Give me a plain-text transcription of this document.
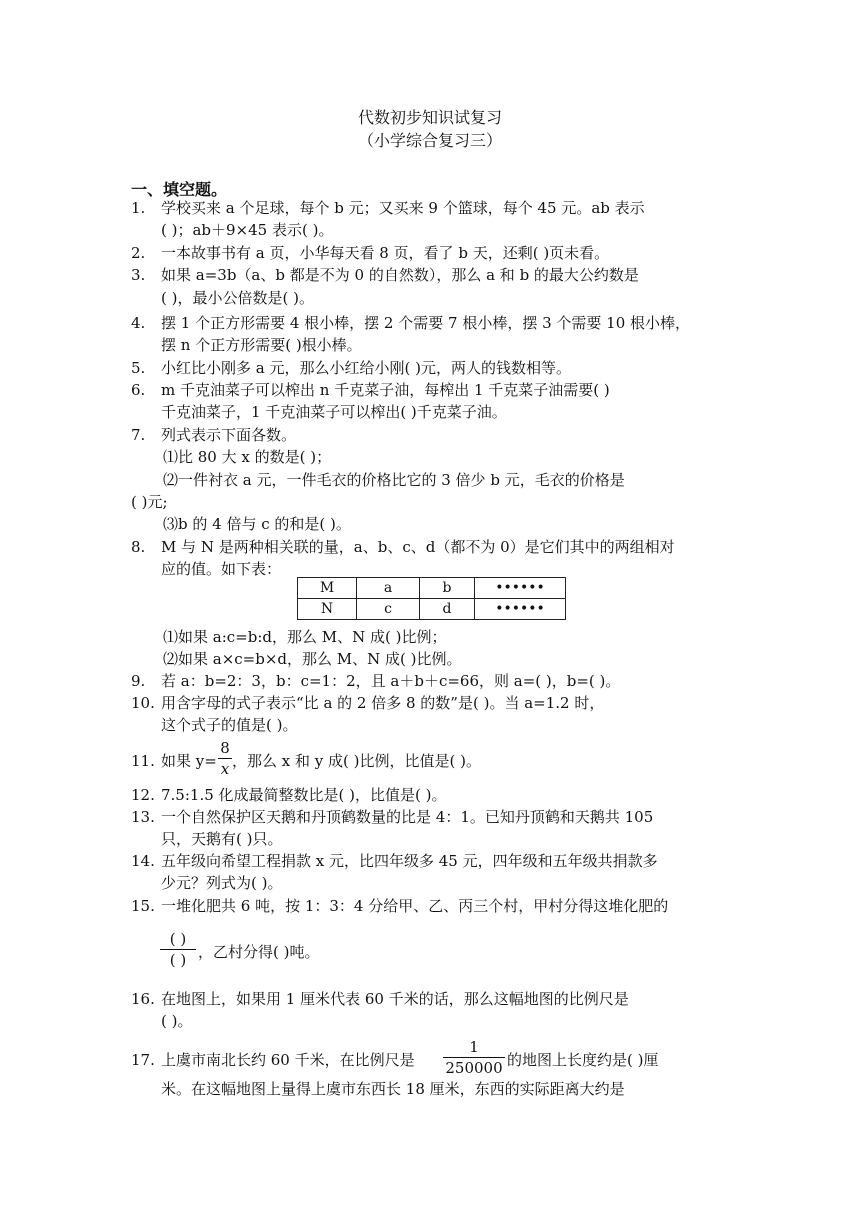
代数初步知识试复习
（小学综合复习三）
一、填空题。
1. 学校买来 a 个足球，每个 b 元；又买来 9 个篮球，每个 45 元。ab 表示
( )；ab＋9×45 表示( )。
2. 一本故事书有 a 页，小华每天看 8 页，看了 b 天，还剩( )页未看。
3. 如果 a=3b（a、b 都是不为 0 的自然数），那么 a 和 b 的最大公约数是
( )，最小公倍数是( )。
4. 摆 1 个正方形需要 4 根小棒，摆 2 个需要 7 根小棒，摆 3 个需要 10 根小棒，
摆 n 个正方形需要( )根小棒。
5. 小红比小刚多 a 元，那么小红给小刚( )元，两人的钱数相等。
6. m 千克油菜子可以榨出 n 千克菜子油，每榨出 1 千克菜子油需要( )
千克油菜子，1 千克油菜子可以榨出( )千克菜子油。
7. 列式表示下面各数。
⑴比 80 大 x 的数是( )；
⑵一件衬衣 a 元，一件毛衣的价格比它的 3 倍少 b 元，毛衣的价格是
( )元;
⑶b 的 4 倍与 c 的和是( )。
8. M 与 N 是两种相关联的量，a、b、c、d（都不为 0）是它们其中的两组相对
应的值。如下表：
M	a	b	••••••
N	c	d	••••••
⑴如果 a:c=b:d，那么 M、N 成( )比例；
⑵如果 a×c=b×d，那么 M、N 成( )比例。
9. 若 a：b=2：3，b：c=1：2，且 a＋b＋c=66，则 a=( )，b=( )。
10. 用含字母的式子表示“比 a 的 2 倍多 8 的数”是( )。当 a=1.2 时，
这个式子的值是( )。
11. 如果 $y= \frac{8}{x}$ ，那么 x 和 y 成( )比例，比值是( )。
12. 7.5:1.5 化成最简整数比是( )，比值是( )。
13. 一个自然保护区天鹅和丹顶鹤数量的比是 4：1。已知丹顶鹤和天鹅共 105
只，天鹅有( )只。
14. 五年级向希望工程捐款 x 元，比四年级多 45 元，四年级和五年级共捐款多
少元？列式为( )。
15. 一堆化肥共 6 吨，按 1：3：4 分给甲、乙、丙三个村，甲村分得这堆化肥的
( )
( ) ，乙村分得( )吨。
16. 在地图上，如果用 1 厘米代表 60 千米的话，那么这幅地图的比例尺是
( )。
17. 上虞市南北长约 60 千米，在比例尺是 $\frac{1}{250000}$ 的地图上长度约是( )厘
米。在这幅地图上量得上虞市东西长 18 厘米，东西的实际距离大约是
